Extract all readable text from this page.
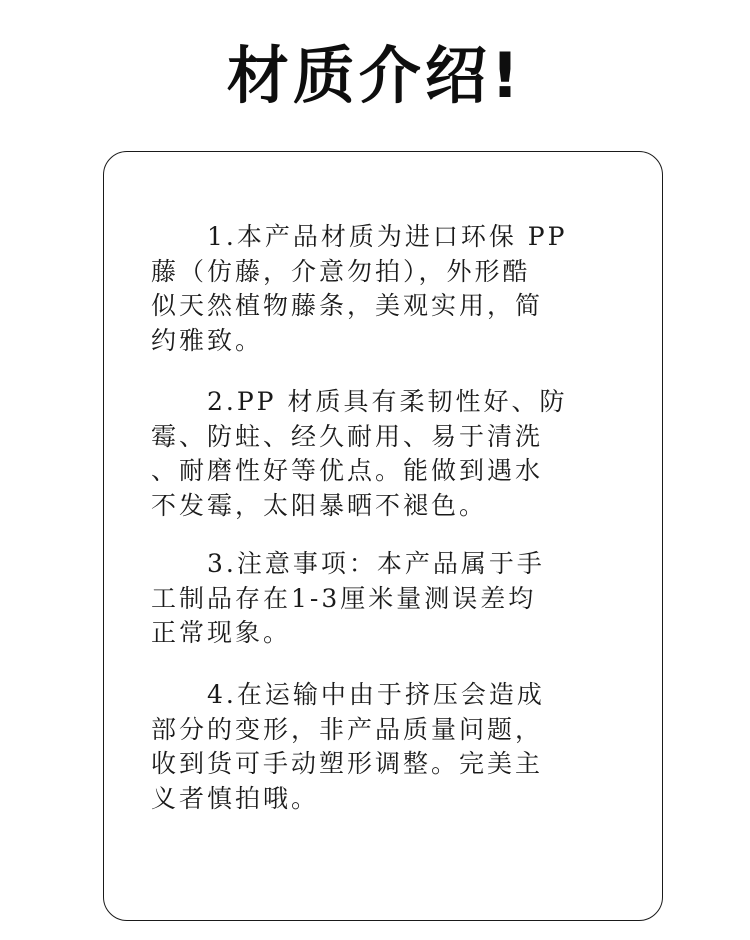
材质介绍!

1.本产品材质为进口环保 PP
藤（仿藤，介意勿拍），外形酷
似天然植物藤条，美观实用，简
约雅致。

2.PP 材质具有柔韧性好、防
霉、防蛀、经久耐用、易于清洗
、耐磨性好等优点。能做到遇水
不发霉，太阳暴晒不褪色。

3.注意事项：本产品属于手
工制品存在1-3厘米量测误差均
正常现象。

4.在运输中由于挤压会造成
部分的变形，非产品质量问题，
收到货可手动塑形调整。完美主
义者慎拍哦。
